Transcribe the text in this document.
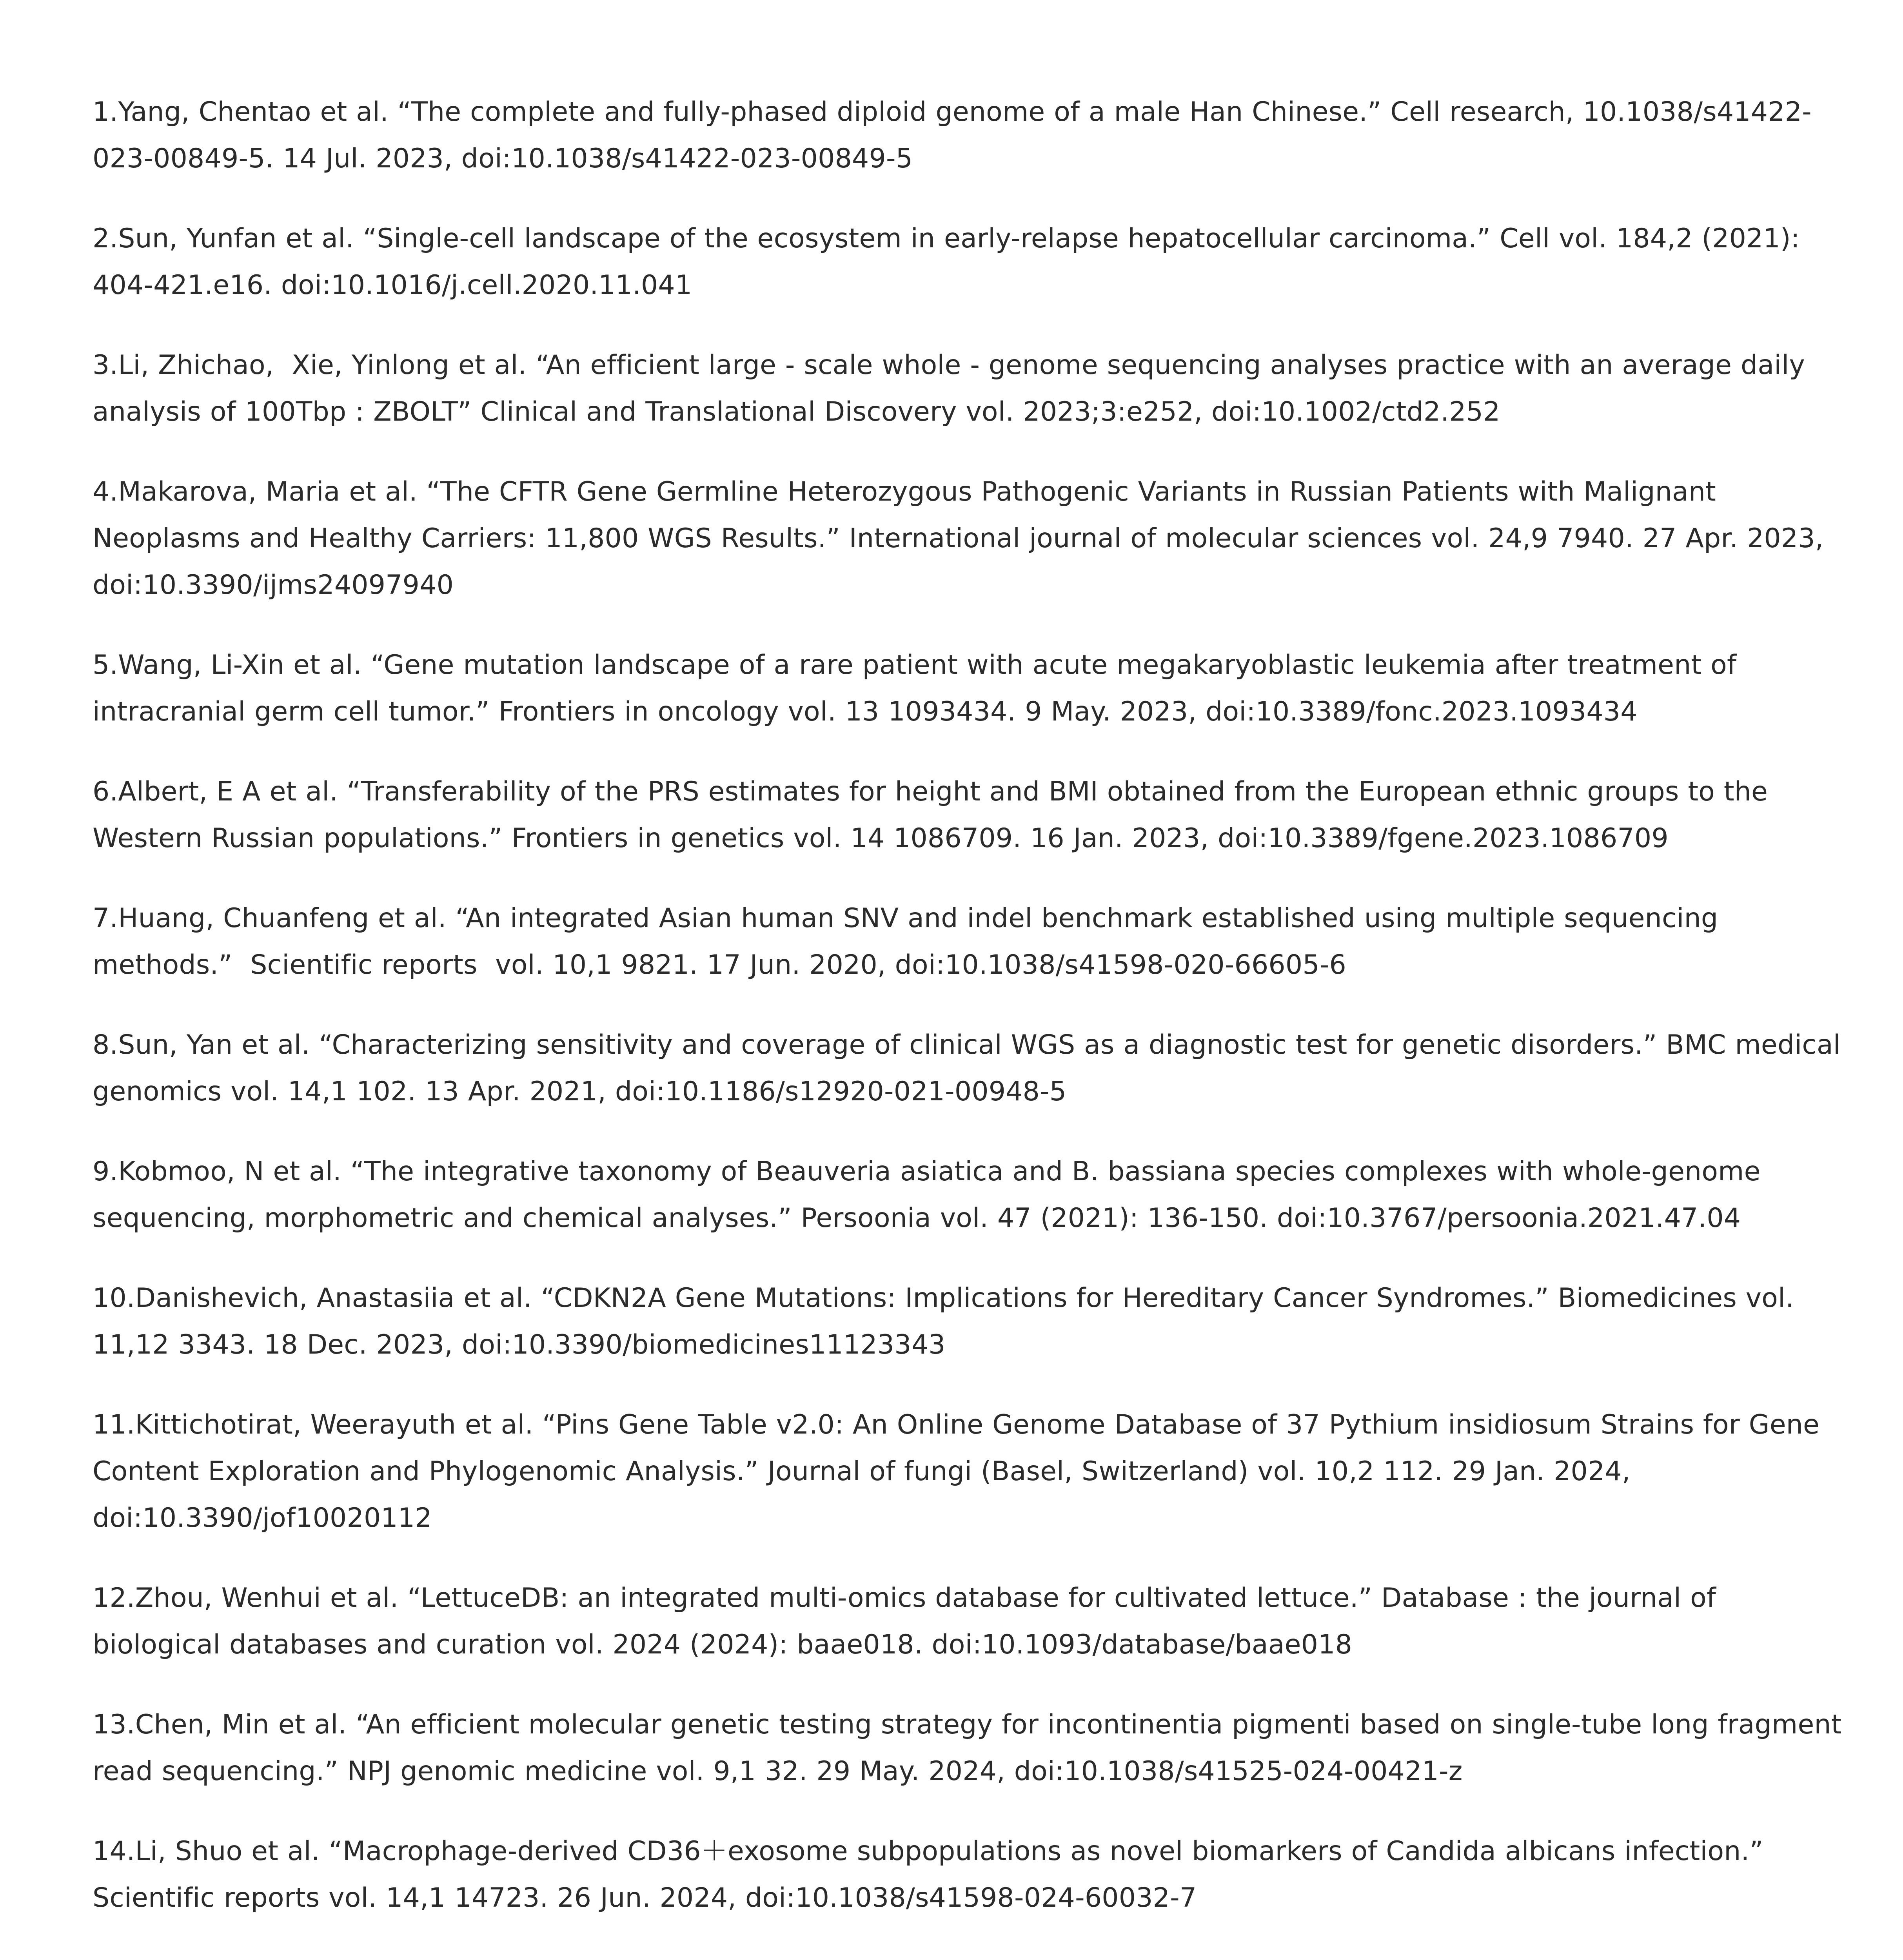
1.Yang, Chentao et al. “The complete and fully-phased diploid genome of a male Han Chinese.” Cell research, 10.1038/s41422-023-00849-5. 14 Jul. 2023, doi:10.1038/s41422-023-00849-5
2.Sun, Yunfan et al. “Single-cell landscape of the ecosystem in early-relapse hepatocellular carcinoma.” Cell vol. 184,2 (2021): 404-421.e16. doi:10.1016/j.cell.2020.11.041
3.Li, Zhichao,  Xie, Yinlong et al. “An efficient large - scale whole - genome sequencing analyses practice with an average daily analysis of 100Tbp : ZBOLT” Clinical and Translational Discovery vol. 2023;3:e252, doi:10.1002/ctd2.252
4.Makarova, Maria et al. “The CFTR Gene Germline Heterozygous Pathogenic Variants in Russian Patients with Malignant Neoplasms and Healthy Carriers: 11,800 WGS Results.” International journal of molecular sciences vol. 24,9 7940. 27 Apr. 2023, doi:10.3390/ijms24097940
5.Wang, Li-Xin et al. “Gene mutation landscape of a rare patient with acute megakaryoblastic leukemia after treatment of intracranial germ cell tumor.” Frontiers in oncology vol. 13 1093434. 9 May. 2023, doi:10.3389/fonc.2023.1093434
6.Albert, E A et al. “Transferability of the PRS estimates for height and BMI obtained from the European ethnic groups to the Western Russian populations.” Frontiers in genetics vol. 14 1086709. 16 Jan. 2023, doi:10.3389/fgene.2023.1086709
7.Huang, Chuanfeng et al. “An integrated Asian human SNV and indel benchmark established using multiple sequencing methods.”  Scientific reports  vol. 10,1 9821. 17 Jun. 2020, doi:10.1038/s41598-020-66605-6
8.Sun, Yan et al. “Characterizing sensitivity and coverage of clinical WGS as a diagnostic test for genetic disorders.” BMC medical genomics vol. 14,1 102. 13 Apr. 2021, doi:10.1186/s12920-021-00948-5
9.Kobmoo, N et al. “The integrative taxonomy of Beauveria asiatica and B. bassiana species complexes with whole-genome sequencing, morphometric and chemical analyses.” Persoonia vol. 47 (2021): 136-150. doi:10.3767/persoonia.2021.47.04
10.Danishevich, Anastasiia et al. “CDKN2A Gene Mutations: Implications for Hereditary Cancer Syndromes.” Biomedicines vol. 11,12 3343. 18 Dec. 2023, doi:10.3390/biomedicines11123343
11.Kittichotirat, Weerayuth et al. “Pins Gene Table v2.0: An Online Genome Database of 37 Pythium insidiosum Strains for Gene Content Exploration and Phylogenomic Analysis.” Journal of fungi (Basel, Switzerland) vol. 10,2 112. 29 Jan. 2024, doi:10.3390/jof10020112
12.Zhou, Wenhui et al. “LettuceDB: an integrated multi-omics database for cultivated lettuce.” Database : the journal of biological databases and curation vol. 2024 (2024): baae018. doi:10.1093/database/baae018
13.Chen, Min et al. “An efficient molecular genetic testing strategy for incontinentia pigmenti based on single-tube long fragment read sequencing.” NPJ genomic medicine vol. 9,1 32. 29 May. 2024, doi:10.1038/s41525-024-00421-z
14.Li, Shuo et al. “Macrophage-derived CD36＋exosome subpopulations as novel biomarkers of Candida albicans infection.” Scientific reports vol. 14,1 14723. 26 Jun. 2024, doi:10.1038/s41598-024-60032-7
